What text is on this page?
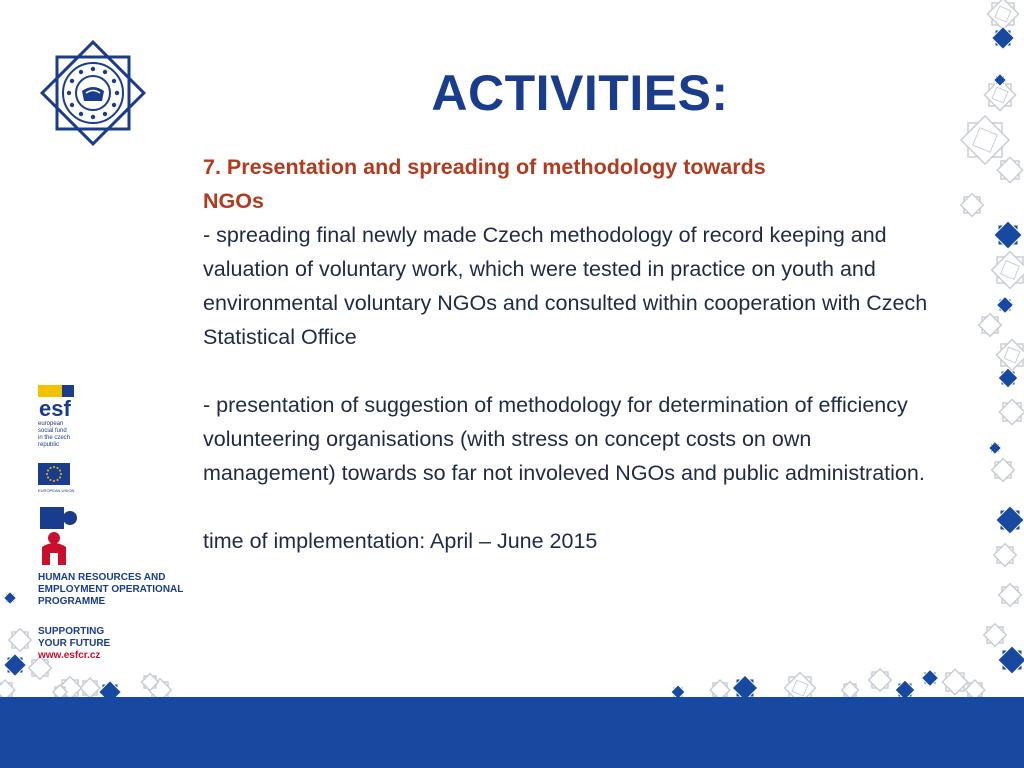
ACTIVITIES:

7. Presentation and spreading of methodology towards

NGOs

- spreading final newly made Czech methodology of record keeping and valuation of voluntary work, which were tested in practice on youth and environmental voluntary NGOs and consulted within cooperation with Czech Statistical Office

- presentation of suggestion of methodology for determination of efficiency volunteering organisations (with stress on concept costs on own management) towards so far not involeved NGOs and public administration.

time of implementation: April – June 2015

esf
european
social fund
in the czech
republic
EUROPEAN UNION
HUMAN RESOURCES AND
EMPLOYMENT OPERATIONAL
PROGRAMME
SUPPORTING
YOUR FUTURE
www.esfcr.cz
